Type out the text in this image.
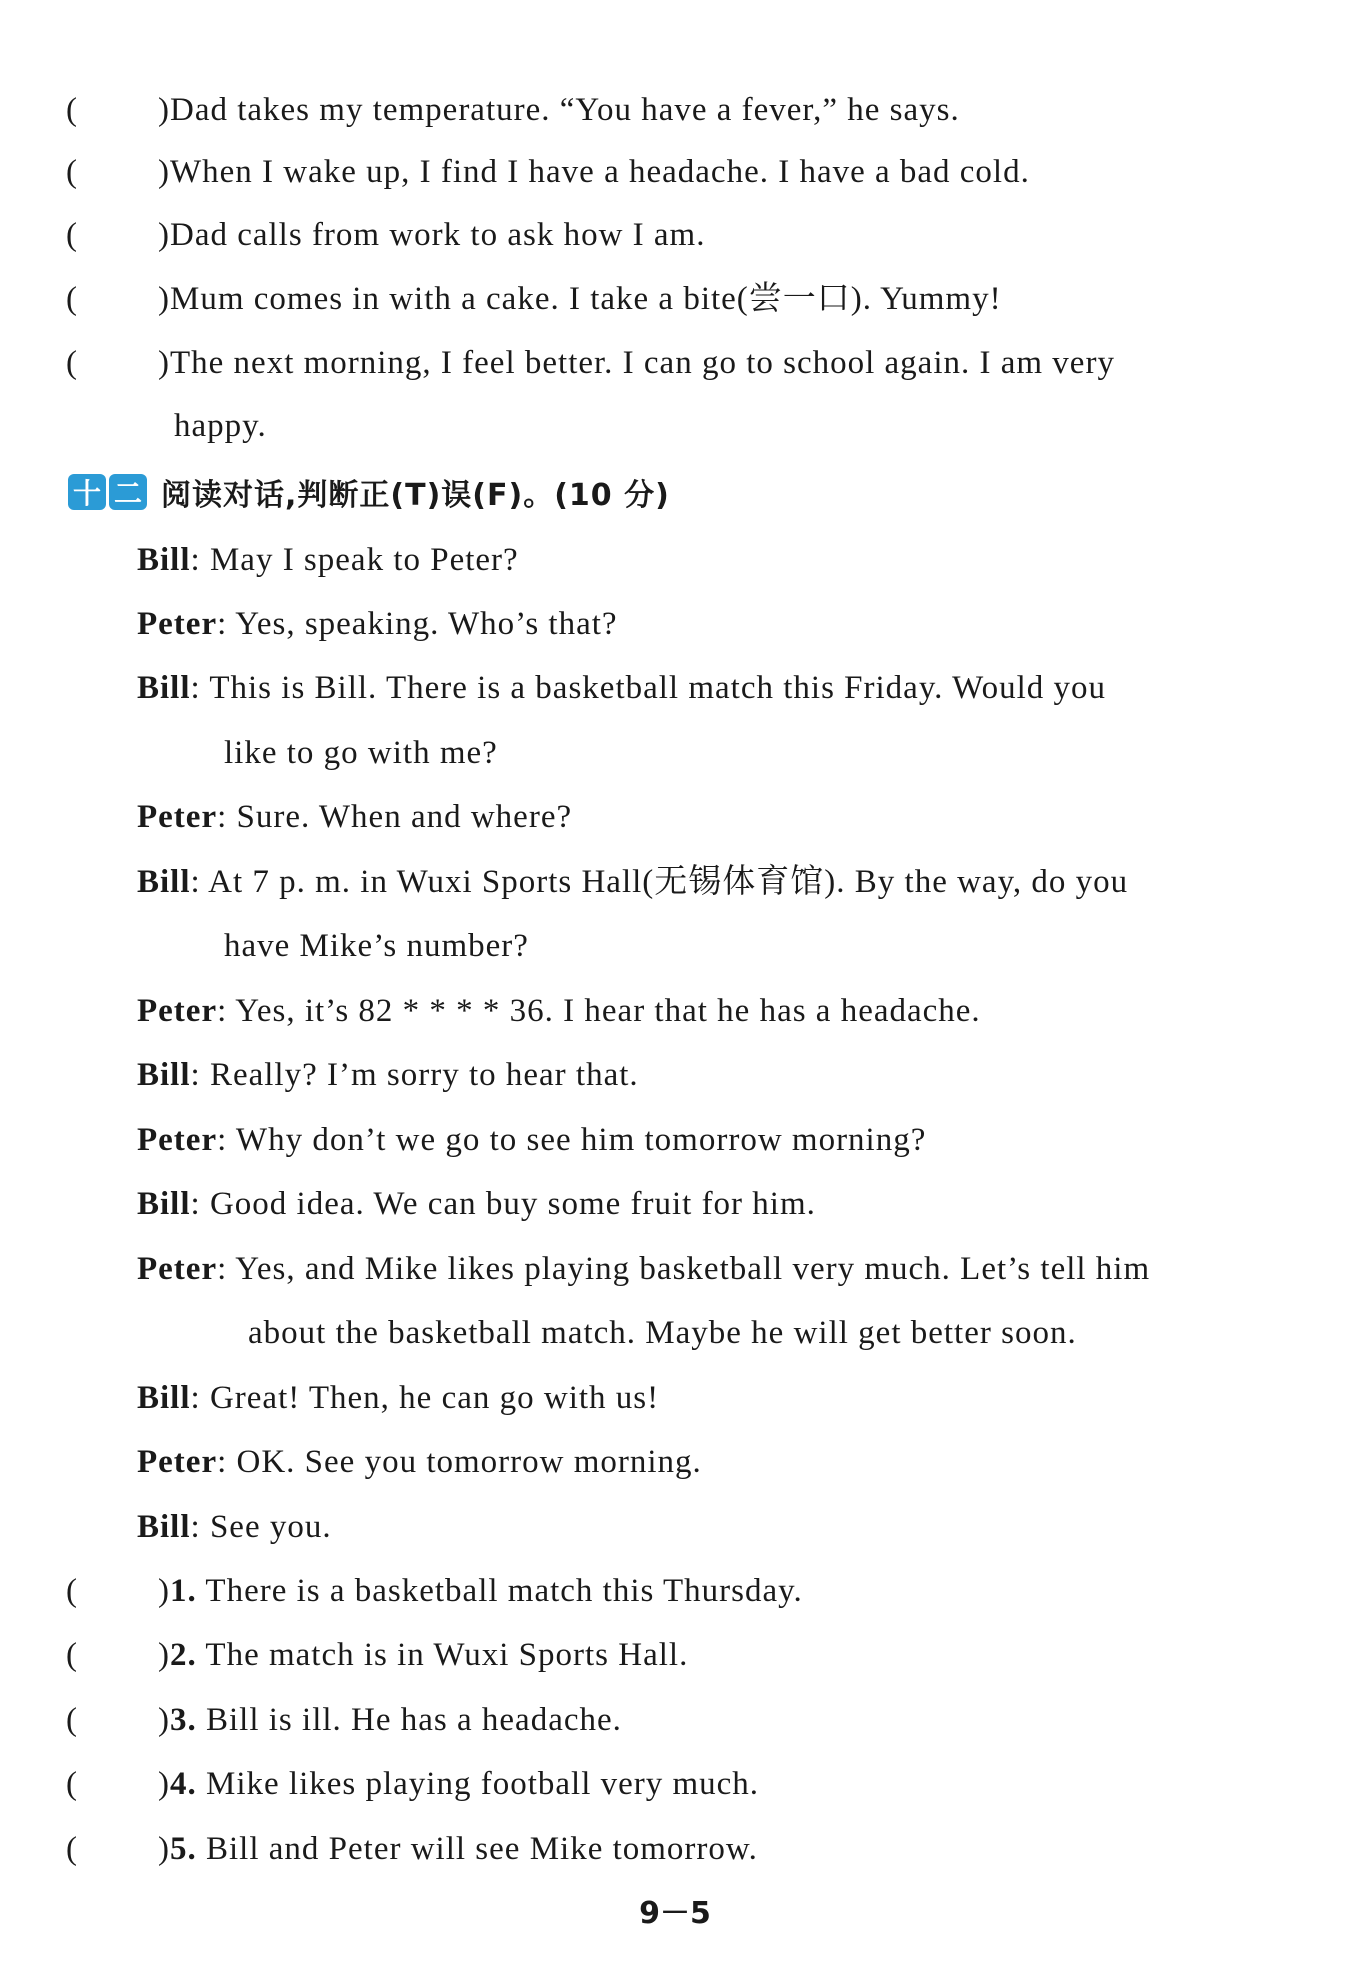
( )Dad takes my temperature. “You have a fever,” he says.
( )When I wake up, I find I have a headache. I have a bad cold.
( )Dad calls from work to ask how I am.
( )Mum comes in with a cake. I take a bite(尝一口). Yummy!
( )The next morning, I feel better. I can go to school again. I am very
happy.
十 二 阅读对话,判断正(T)误(F)。(10 分)
Bill: May I speak to Peter?
Peter: Yes, speaking. Who’s that?
Bill: This is Bill. There is a basketball match this Friday. Would you
like to go with me?
Peter: Sure. When and where?
Bill: At 7 p. m. in Wuxi Sports Hall(无锡体育馆). By the way, do you
have Mike’s number?
Peter: Yes, it’s 82 * * * * 36. I hear that he has a headache.
Bill: Really? I’m sorry to hear that.
Peter: Why don’t we go to see him tomorrow morning?
Bill: Good idea. We can buy some fruit for him.
Peter: Yes, and Mike likes playing basketball very much. Let’s tell him
about the basketball match. Maybe he will get better soon.
Bill: Great! Then, he can go with us!
Peter: OK. See you tomorrow morning.
Bill: See you.
( )1. There is a basketball match this Thursday.
( )2. The match is in Wuxi Sports Hall.
( )3. Bill is ill. He has a headache.
( )4. Mike likes playing football very much.
( )5. Bill and Peter will see Mike tomorrow.
9－5
